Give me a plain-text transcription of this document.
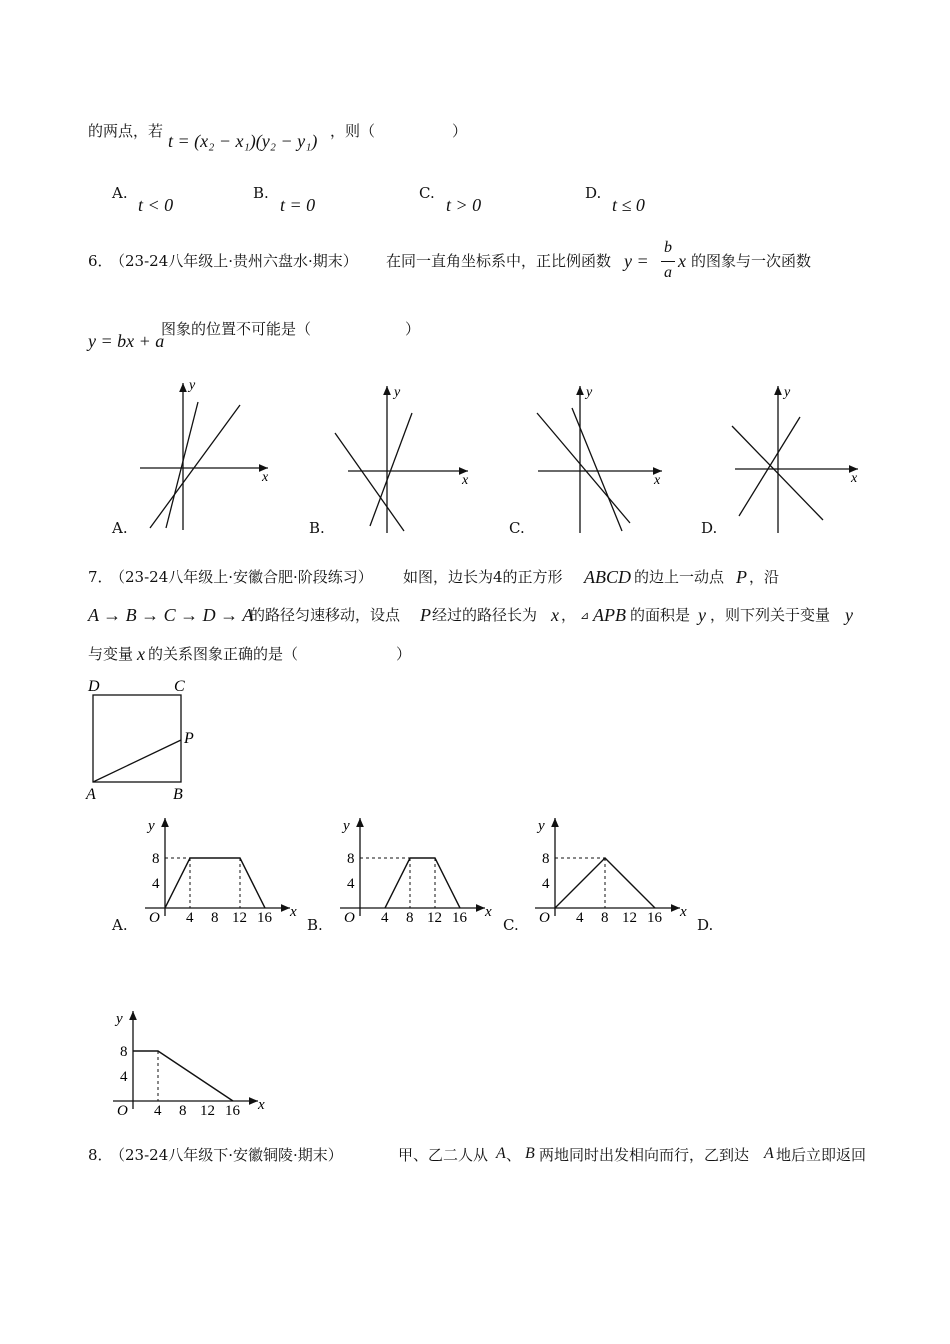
的两点，若 t = (x₂ − x₁)(y₂ − y₁) ，则（	）
A.
t < 0
B.
t = 0
C.
t > 0
D.
t ≤ 0
6．
（23-24八年级上·贵州六盘水·期末） 在同一直角坐标系中，正比例函数 y =
b
a
x 的图象与一次函数
y = bx + a
图象的位置不可能是（	）
x
y
A.
x
y
B.
x
y
C.
x
y
D.
7．
（23-24八年级上·安徽合肥·阶段练习） 如图，边长为4的正方形 ABCD 的边上一动点 P ，沿
A → B → C → D → A
的路径匀速移动，设点 P 经过的路径长为 x ， ⊿ APB 的面积是 y ，则下列关于变量 y
与变量 x 的关系图象正确的是（	）
D	C
P
A	B
y
x
O
8
4
4 8 12 16
A.
y
x
O
8
4
4 8 12 16
B.
y
x
O
8
4
4 8 12 16
C.	D.
y
x
O
8
4
4 8 12 16
8．
（23-24八年级下·安徽铜陵·期末）	甲、乙二人从 A 、 B 两地同时出发相向而行，乙到达 A 地后立即返回
